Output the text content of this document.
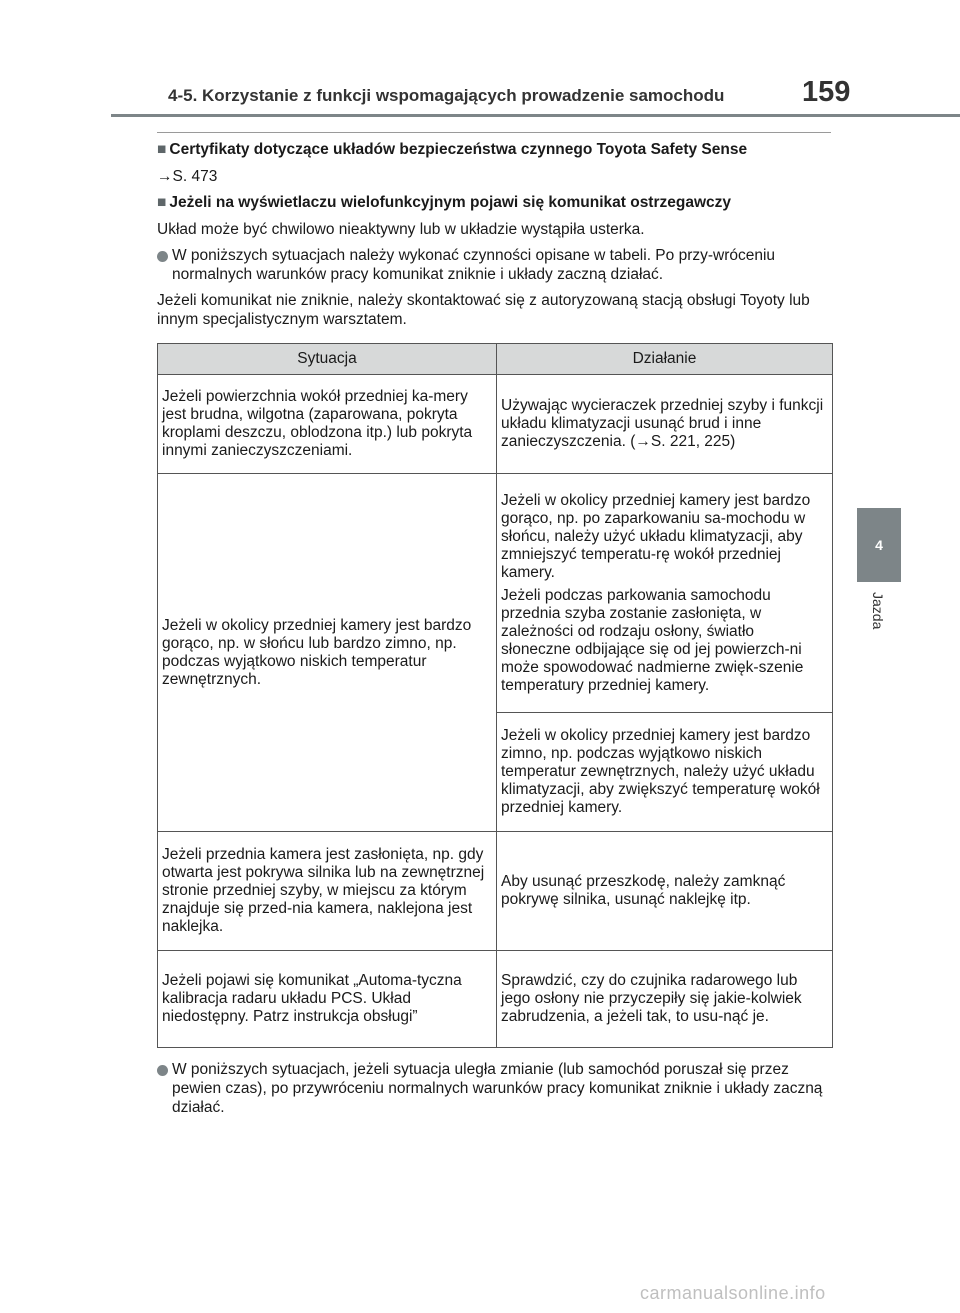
4-5. Korzystanie z funkcji wspomagających prowadzenie samochodu	159
4
Jazda
■ Certyfikaty dotyczące układów bezpieczeństwa czynnego Toyota Safety Sense
→S. 473
■ Jeżeli na wyświetlaczu wielofunkcyjnym pojawi się komunikat ostrzegawczy
Układ może być chwilowo nieaktywny lub w układzie wystąpiła usterka.
W poniższych sytuacjach należy wykonać czynności opisane w tabeli. Po przy-wróceniu normalnych warunków pracy komunikat zniknie i układy zaczną działać.
Jeżeli komunikat nie zniknie, należy skontaktować się z autoryzowaną stacją obsługi Toyoty lub innym specjalistycznym warsztatem.
Sytuacja	Działanie
Jeżeli powierzchnia wokół przedniej ka-mery jest brudna, wilgotna (zaparowana, pokryta kroplami deszczu, oblodzona itp.) lub pokryta innymi zanieczyszczeniami.	Używając wycieraczek przedniej szyby i funkcji układu klimatyzacji usunąć brud i inne zanieczyszczenia. (→S. 221, 225)
Jeżeli w okolicy przedniej kamery jest bardzo gorąco, np. w słońcu lub bardzo zimno, np. podczas wyjątkowo niskich temperatur zewnętrznych.	Jeżeli w okolicy przedniej kamery jest bardzo gorąco, np. po zaparkowaniu sa-mochodu w słońcu, należy użyć układu klimatyzacji, aby zmniejszyć temperatu-rę wokół przedniej kamery.

Jeżeli podczas parkowania samochodu przednia szyba zostanie zasłonięta, w zależności od rodzaju osłony, światło słoneczne odbijające się od jej powierzch-ni może spowodować nadmierne zwięk-szenie temperatury przedniej kamery.

	Jeżeli w okolicy przedniej kamery jest bardzo zimno, np. podczas wyjątkowo niskich temperatur zewnętrznych, należy użyć układu klimatyzacji, aby zwiększyć temperaturę wokół przedniej kamery.
Jeżeli przednia kamera jest zasłonięta, np. gdy otwarta jest pokrywa silnika lub na zewnętrznej stronie przedniej szyby, w miejscu za którym znajduje się przed-nia kamera, naklejona jest naklejka.	Aby usunąć przeszkodę, należy zamknąć pokrywę silnika, usunąć naklejkę itp.
Jeżeli pojawi się komunikat „Automa-tyczna kalibracja radaru układu PCS. Układ niedostępny. Patrz instrukcja obsługi”	Sprawdzić, czy do czujnika radarowego lub jego osłony nie przyczepiły się jakie-kolwiek zabrudzenia, a jeżeli tak, to usu-nąć je.
W poniższych sytuacjach, jeżeli sytuacja uległa zmianie (lub samochód poruszał się przez pewien czas), po przywróceniu normalnych warunków pracy komunikat zniknie i układy zaczną działać.
carmanualsonline.info
